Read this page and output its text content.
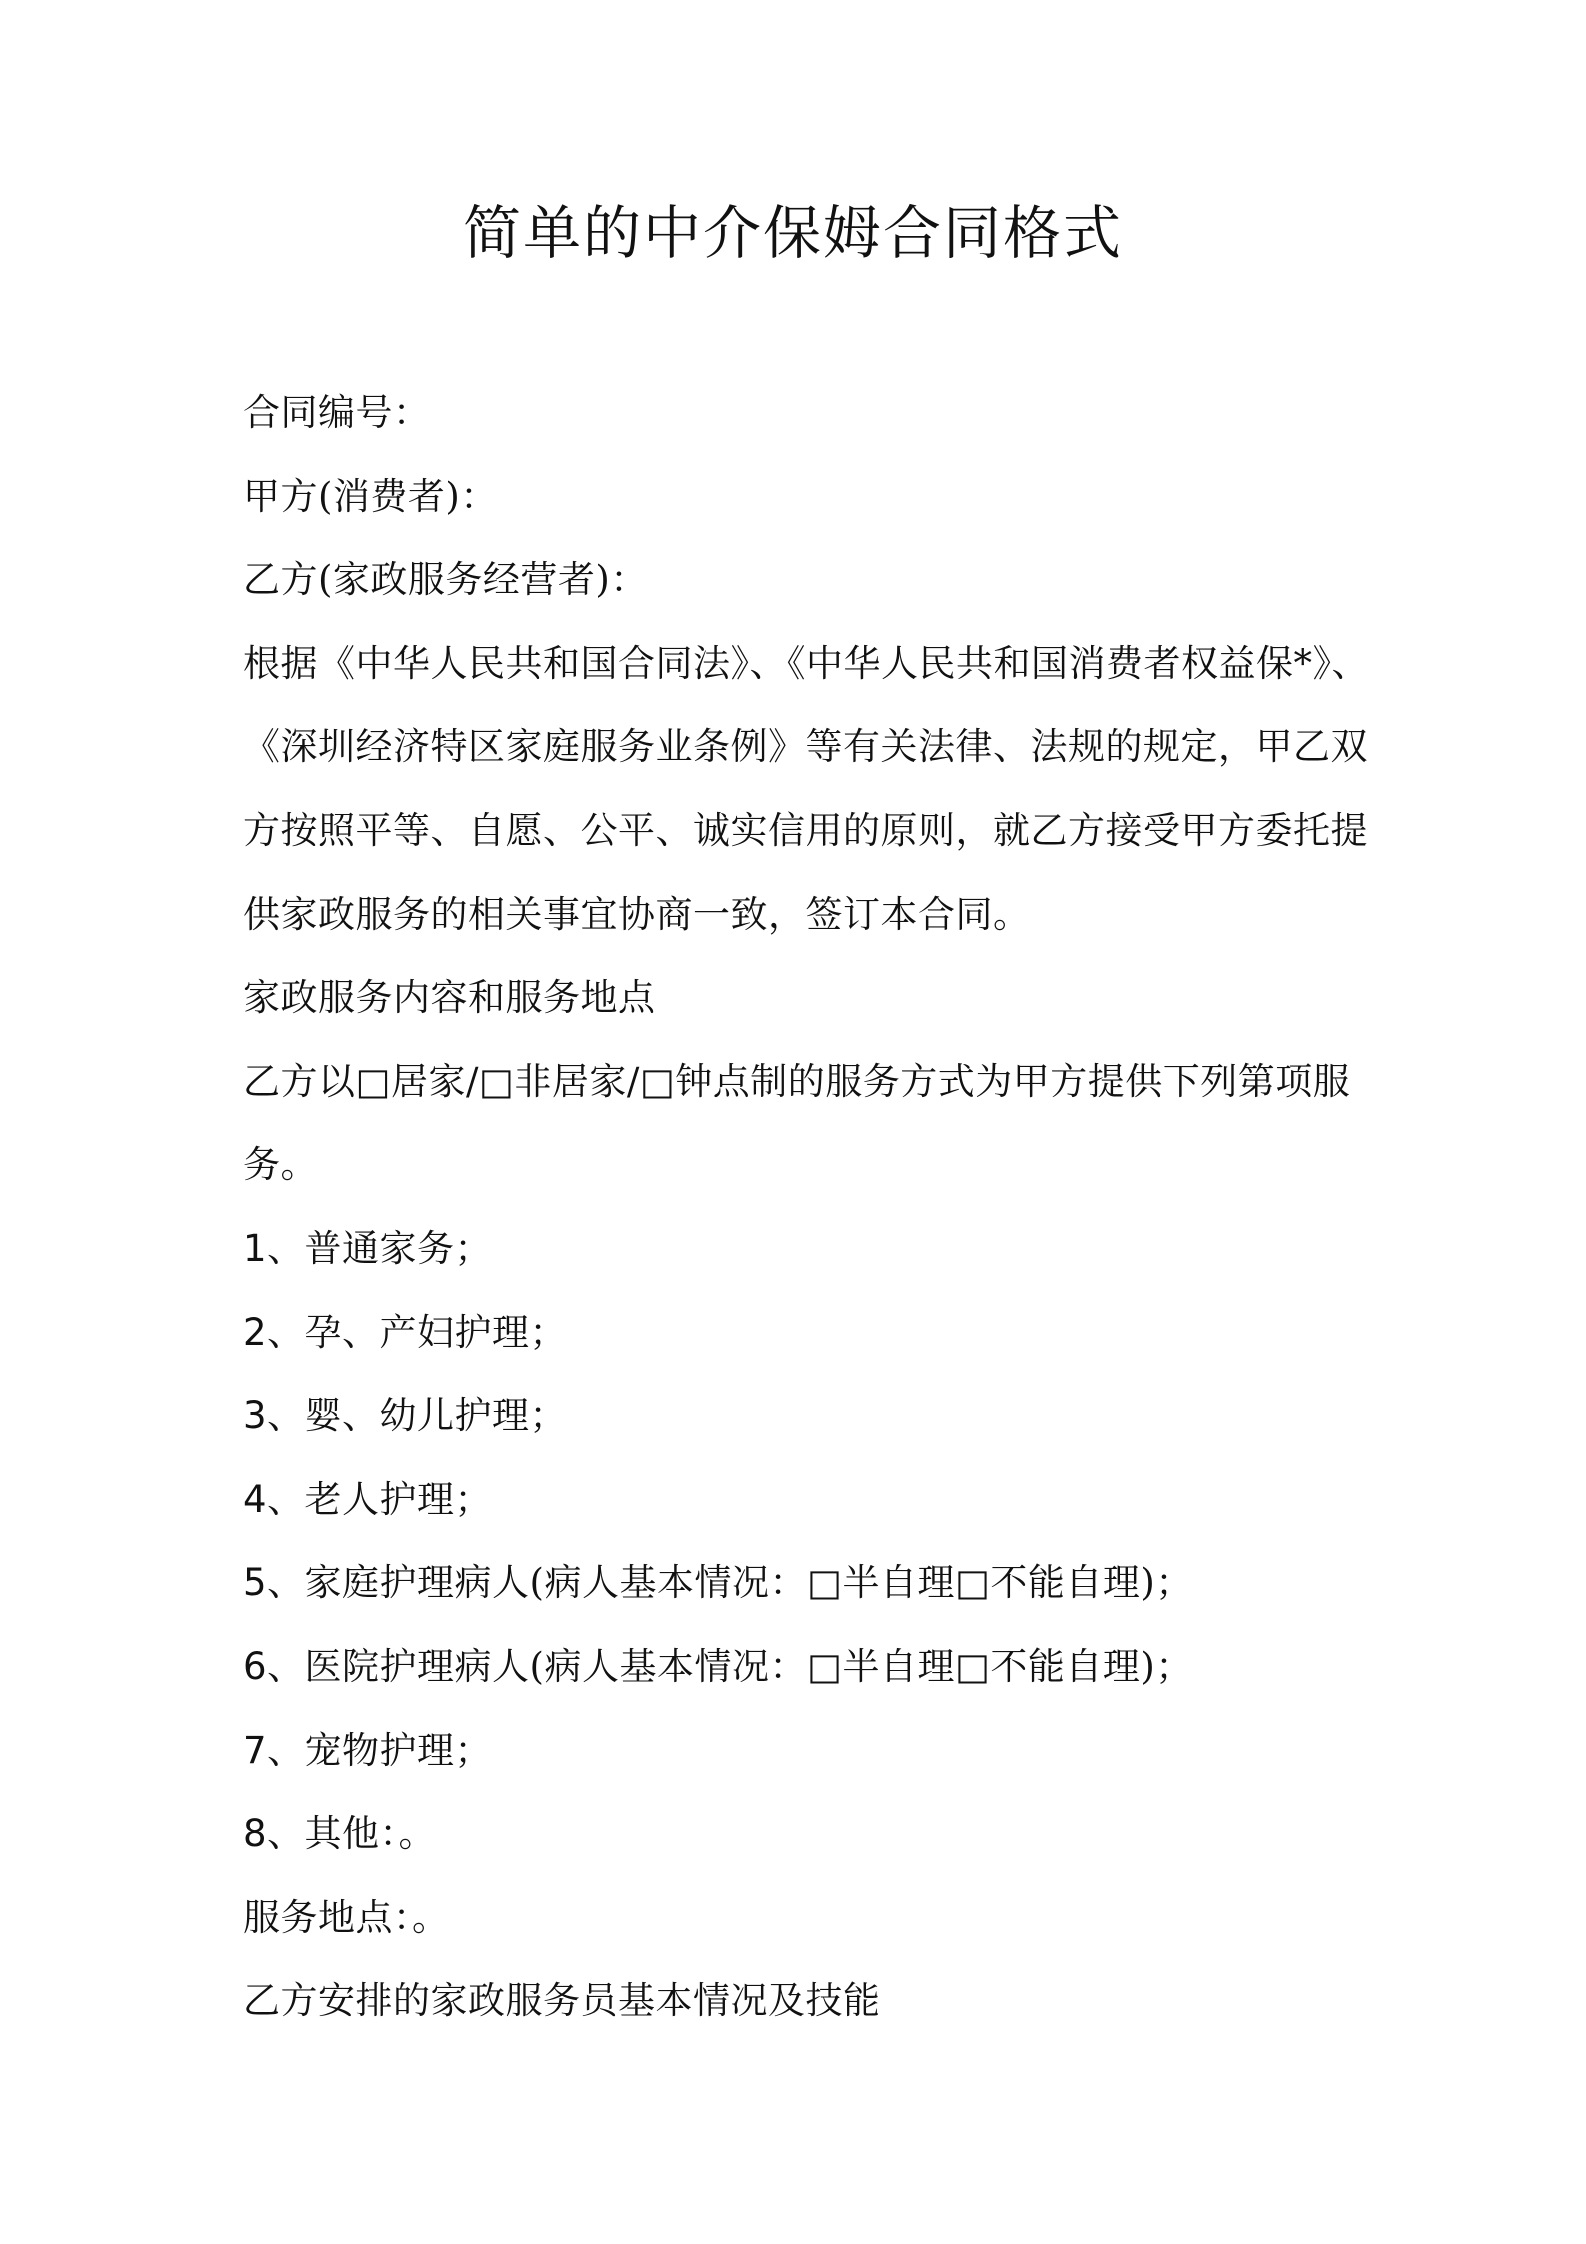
简单的中介保姆合同格式
合同编号：
甲方(消费者)：
乙方(家政服务经营者)：
根据《中华人民共和国合同法》、《中华人民共和国消费者权益保*》、
《深圳经济特区家庭服务业条例》等有关法律、法规的规定，甲乙双
方按照平等、自愿、公平、诚实信用的原则，就乙方接受甲方委托提
供家政服务的相关事宜协商一致，签订本合同。
家政服务内容和服务地点
乙方以□居家/□非居家/□钟点制的服务方式为甲方提供下列第项服
务。
1、普通家务；
2、孕、产妇护理；
3、婴、幼儿护理；
4、老人护理；
5、家庭护理病人(病人基本情况：□半自理□不能自理)；
6、医院护理病人(病人基本情况：□半自理□不能自理)；
7、宠物护理；
8、其他：。
服务地点：。
乙方安排的家政服务员基本情况及技能
